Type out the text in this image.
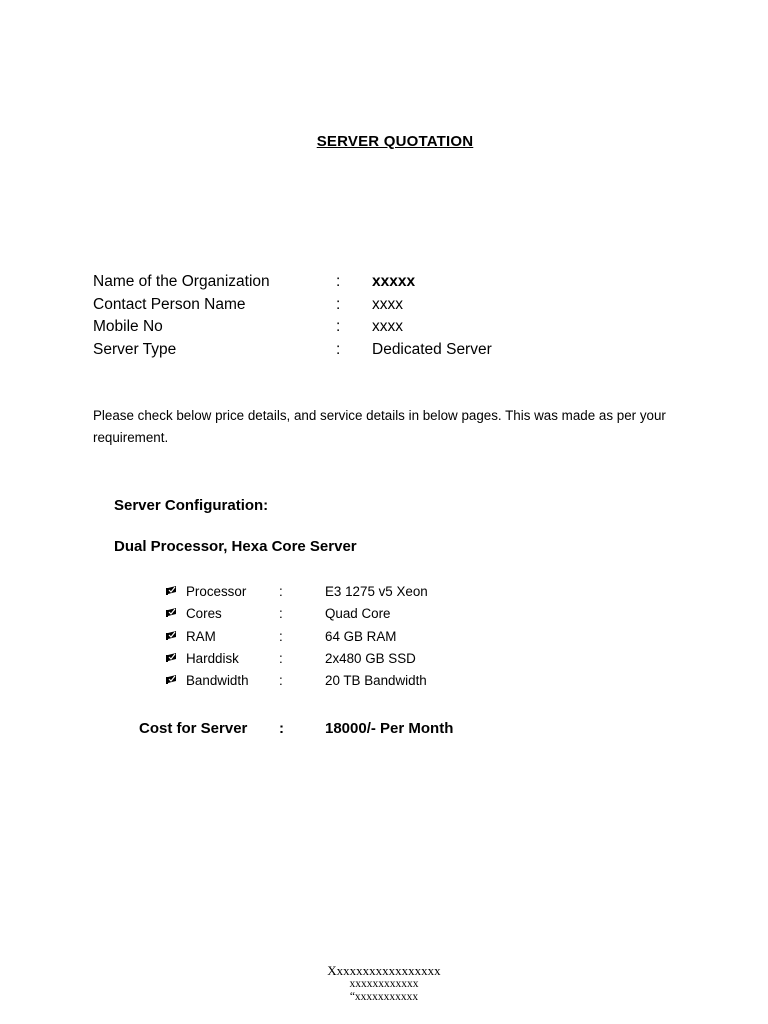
SERVER QUOTATION
Name of the Organization	: xxxxx
Contact Person Name	: xxxx
Mobile No	: xxxx
Server Type	: Dedicated Server
Please check below price details, and service details in below pages. This was made as per your requirement.
Server Configuration:
Dual Processor, Hexa Core Server
Processor :	E3 1275 v5 Xeon
Cores	:	Quad Core
RAM	:	64 GB RAM
Harddisk	:	2x480 GB SSD
Bandwidth :	20 TB Bandwidth
Cost for Server :	18000/- Per Month
Xxxxxxxxxxxxxxxxx
xxxxxxxxxxxx
“xxxxxxxxxxx
